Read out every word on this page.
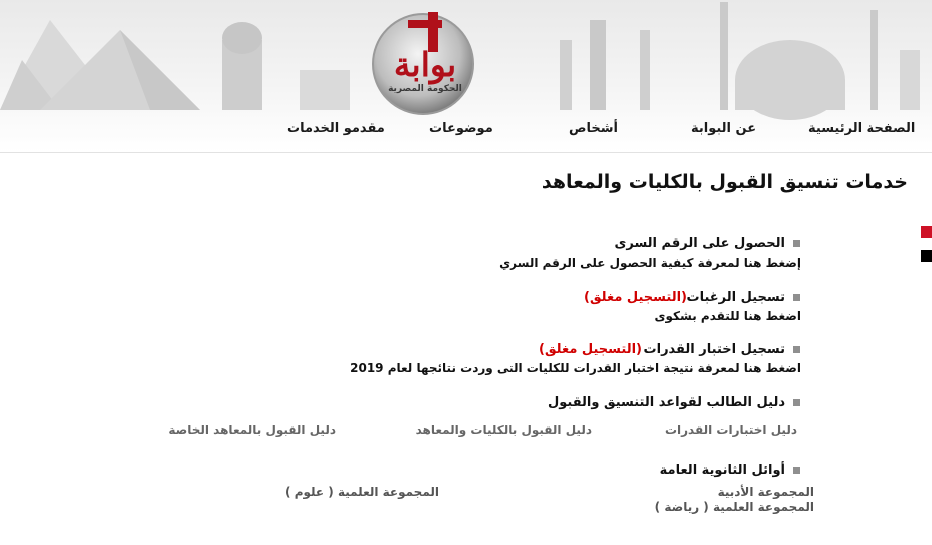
بوابة
الحكومة المصرية
الصفحة الرئيسية
عن البوابة
أشخاص
موضوعات
مقدمو الخدمات
خدمات تنسيق القبول بالكليات والمعاهد
الحصول على الرقم السرى
إضغط هنا لمعرفة كيفية الحصول على الرقم السري
تسجيل الرغبات
(التسجيل مغلق)
اضغط هنا للتقدم بشكوى
تسجيل اختبار القدرات
(التسجيل مغلق)
اضغط هنا لمعرفة نتيجة اختبار القدرات للكليات التى وردت نتائجها لعام 2019
دليل الطالب لقواعد التنسيق والقبول
دليل اختبارات القدرات
دليل القبول بالكليات والمعاهد
دليل القبول بالمعاهد الخاصة
أوائل الثانوية العامة
المجموعة الأدبية
المجموعة العلمية ( علوم )
المجموعة العلمية ( رياضة )
